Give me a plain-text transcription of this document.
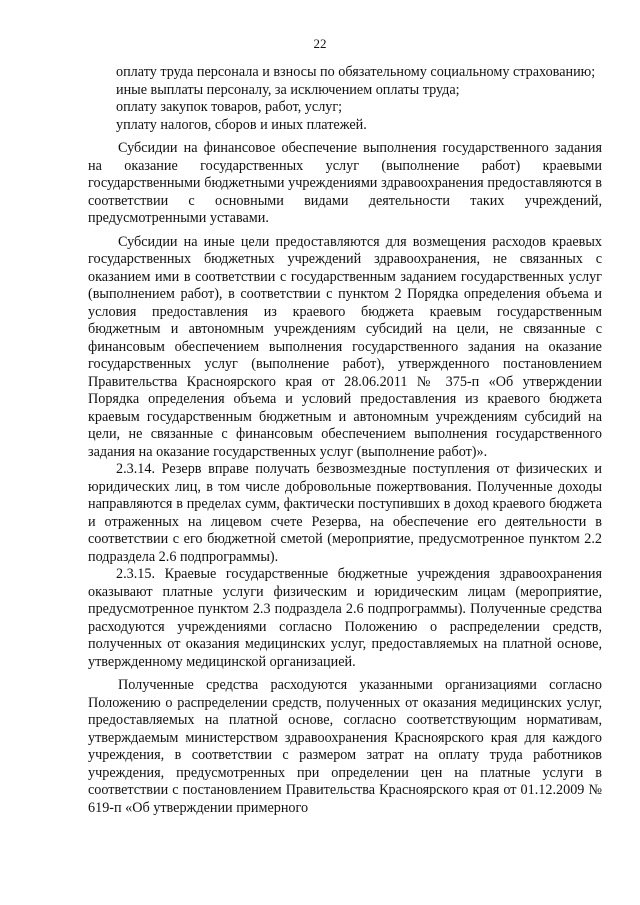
22

оплату труда персонала и взносы по обязательному социальному страхованию;

иные выплаты персоналу, за исключением оплаты труда;

оплату закупок товаров, работ, услуг;

уплату налогов, сборов и иных платежей.

Субсидии на финансовое обеспечение выполнения государственного задания на оказание государственных услуг (выполнение работ) краевыми государственными бюджетными учреждениями здравоохранения предоставляются в соответствии с основными видами деятельности таких учреждений, предусмотренными уставами.

Субсидии на иные цели предоставляются для возмещения расходов краевых государственных бюджетных учреждений здравоохранения, не связанных с оказанием ими в соответствии с государственным заданием государственных услуг (выполнением работ), в соответствии с пунктом 2 Порядка определения объема и условия предоставления из краевого бюджета краевым государственным бюджетным и автономным учреждениям субсидий на цели, не связанные с финансовым обеспечением выполнения государственного задания на оказание государственных услуг (выполнение работ), утвержденного постановлением Правительства Красноярского края от 28.06.2011 № 375-п «Об утверждении Порядка определения объема и условий предоставления из краевого бюджета краевым государственным бюджетным и автономным учреждениям субсидий на цели, не связанные с финансовым обеспечением выполнения государственного задания на оказание государственных услуг (выполнение работ)».

2.3.14. Резерв вправе получать безвозмездные поступления от физических и юридических лиц, в том числе добровольные пожертвования. Полученные доходы направляются в пределах сумм, фактически поступивших в доход краевого бюджета и отраженных на лицевом счете Резерва, на обеспечение его деятельности в соответствии с его бюджетной сметой (мероприятие, предусмотренное пунктом 2.2 подраздела 2.6 подпрограммы).

2.3.15. Краевые государственные бюджетные учреждения здравоохранения оказывают платные услуги физическим и юридическим лицам (мероприятие, предусмотренное пунктом 2.3 подраздела 2.6 подпрограммы). Полученные средства расходуются учреждениями согласно Положению о распределении средств, полученных от оказания медицинских услуг, предоставляемых на платной основе, утвержденному медицинской организацией.

Полученные средства расходуются указанными организациями согласно Положению о распределении средств, полученных от оказания медицинских услуг, предоставляемых на платной основе, согласно соответствующим нормативам, утверждаемым министерством здравоохранения Красноярского края для каждого учреждения, в соответствии с размером затрат на оплату труда работников учреждения, предусмотренных при определении цен на платные услуги в соответствии с постановлением Правительства Красноярского края от 01.12.2009 № 619-п «Об утверждении примерного
